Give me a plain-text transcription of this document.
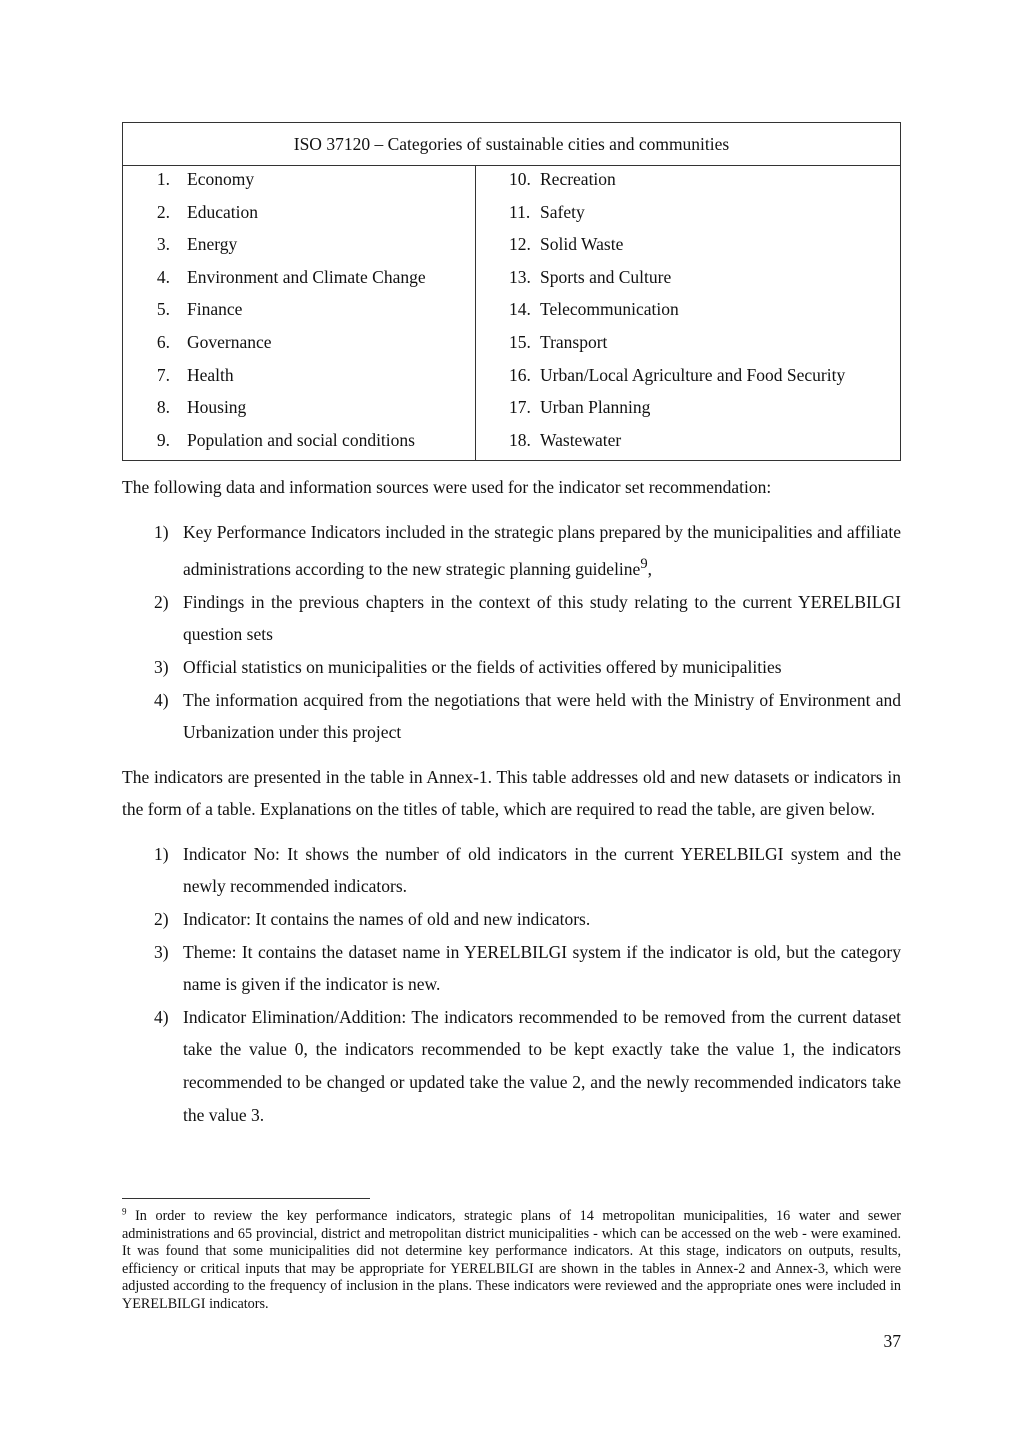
ISO 37120 – Categories of sustainable cities and communities

1. Economy
2. Education
3. Energy
4. Environment and Climate Change
5. Finance
6. Governance
7. Health
8. Housing
9. Population and social conditions

10. Recreation
11. Safety
12. Solid Waste
13. Sports and Culture
14. Telecommunication
15. Transport
16. Urban/Local Agriculture and Food Security
17. Urban Planning
18. Wastewater

The following data and information sources were used for the indicator set recommendation:

1) Key Performance Indicators included in the strategic plans prepared by the municipalities and affiliate administrations according to the new strategic planning guideline$^9$,
2) Findings in the previous chapters in the context of this study relating to the current YERELBILGI question sets
3) Official statistics on municipalities or the fields of activities offered by municipalities
4) The information acquired from the negotiations that were held with the Ministry of Environment and Urbanization under this project

The indicators are presented in the table in Annex-1. This table addresses old and new datasets or indicators in the form of a table. Explanations on the titles of table, which are required to read the table, are given below.

1) Indicator No: It shows the number of old indicators in the current YERELBILGI system and the newly recommended indicators.
2) Indicator: It contains the names of old and new indicators.
3) Theme: It contains the dataset name in YERELBILGI system if the indicator is old, but the category name is given if the indicator is new.
4) Indicator Elimination/Addition: The indicators recommended to be removed from the current dataset take the value 0, the indicators recommended to be kept exactly take the value 1, the indicators recommended to be changed or updated take the value 2, and the newly recommended indicators take the value 3.
$^9$ In order to review the key performance indicators, strategic plans of 14 metropolitan municipalities, 16 water and sewer administrations and 65 provincial, district and metropolitan district municipalities - which can be accessed on the web - were examined. It was found that some municipalities did not determine key performance indicators. At this stage, indicators on outputs, results, efficiency or critical inputs that may be appropriate for YERELBILGI are shown in the tables in Annex-2 and Annex-3, which were adjusted according to the frequency of inclusion in the plans. These indicators were reviewed and the appropriate ones were included in YERELBILGI indicators.
37
